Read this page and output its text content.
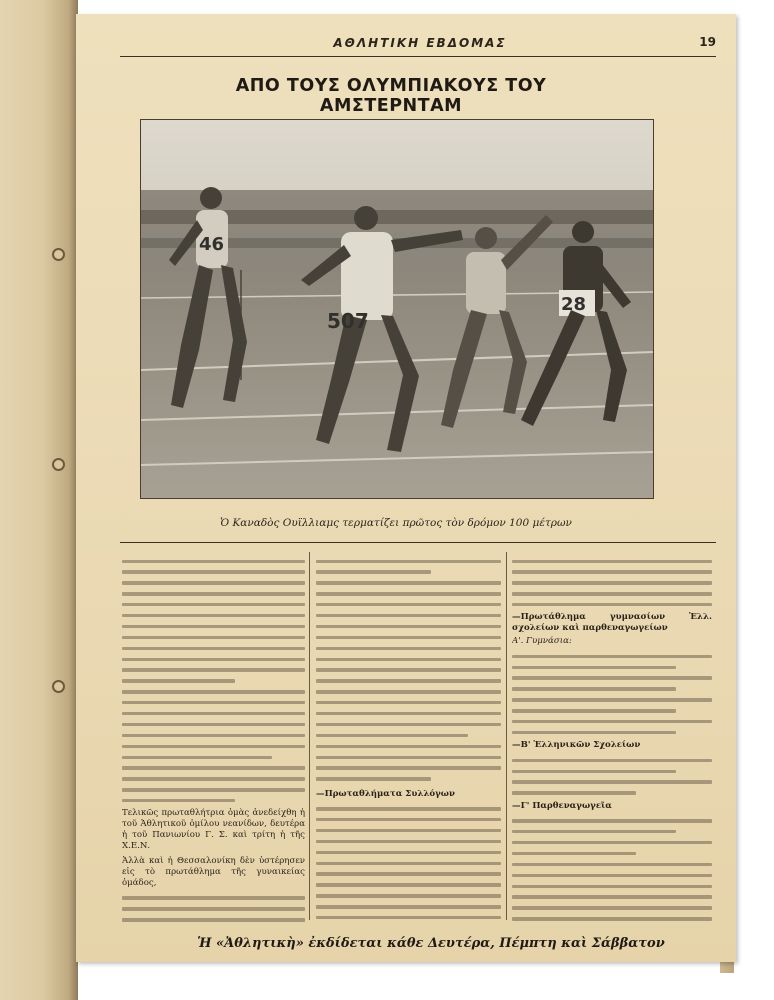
ΑΘΛΗΤΙΚΗ ΕΒΔΟΜΑΣ	19
ΑΠΟ ΤΟΥΣ ΟΛΥΜΠΙΑΚΟΥΣ ΤΟΥ ΑΜΣΤΕΡΝΤΑΜ
46
507
28
Ὁ Καναδὸς Ουϊλλιαμς τερματίζει πρῶτος τὸν δρόμον 100 μέτρων

Τελικῶς πρωταθλήτρια ὁμὰς ἀνεδείχθη ἡ τοῦ Ἀθλητικοῦ ὁμίλου νεανίδων, δευτέρα ἡ τοῦ Πανιωνίου Γ. Σ. καὶ τρίτη ἡ τῆς Χ.Ε.Ν.

Ἀλλὰ καὶ ἡ Θεσσαλονίκη δὲν ὑστέρησεν εἰς τὸ πρωτάθλημα τῆς γυναικείας ὁμάδος,

—Πρωταθλήματα Συλλόγων

—Πρωτάθλημα γυμνασίων Ἑλλ. σχολείων καὶ παρθεναγωγείων

Α'. Γυμνάσια:

—Β' Ἑλληνικῶν Σχολείων

—Γ' Παρθεναγωγεῖα

Ἡ «Ἀθλητικὴ» ἐκδίδεται κάθε Δευτέρα, Πέμπτη καὶ Σάββατον
